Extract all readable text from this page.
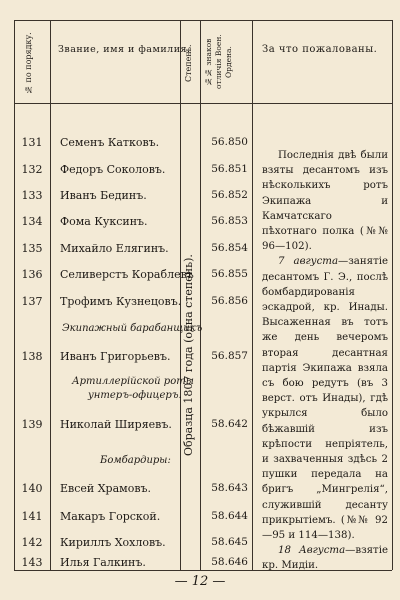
№ по порядку.	Звание, имя и фамилия.
Степень.	№№ знаков отличія Воен. Ордена.	За что пожалованы.
Образца 1807 года (одна степень).
131	Семенъ Катковъ.	56.850
132	Федоръ Соколовъ.	56.851
133	Иванъ Бединъ.	56.852
134	Фома Куксинъ.	56.853
135	Михайло Елягинъ.	56.854
136	Селиверстъ Кораблевъ	56.855
137	Трофимъ Кузнецовъ.	56.856
Экипажный барабанщикъ
138	Иванъ Григорьевъ.	56.857
Артиллерійской роты
унтеръ-офицеръ.
139	Николай Ширяевъ.	58.642
Бомбардиры:
140	Евсей Храмовъ.	58.643
141	Макаръ Горской.	58.644
142	Кириллъ Хохловъ.	58.645
143	Илья Галкинъ.	58.646

Последнія двѣ были взяты десантомъ изъ нѣсколькихъ ротъ Экипажа и Камчатскаго пѣхотнаго полка (№№ 96—102).

7 августа—занятіе десантомъ Г. Э., послѣ бомбардированія эскадрой, кр. Инады. Высаженная въ тотъ же день вечеромъ вторая десантная партія Экипажа взяла съ бою редутъ (въ 3 верст. отъ Инады), гдѣ укрылся было бѣжавшій изъ крѣпости непріятель, и захваченныя здѣсь 2 пушки передала на бригъ „Мингрелія“, служившій десанту прикрытіемъ. (№№ 92—95 и 114—138).

18 Августа—взятіе кр. Мидіи.

— 12 —
